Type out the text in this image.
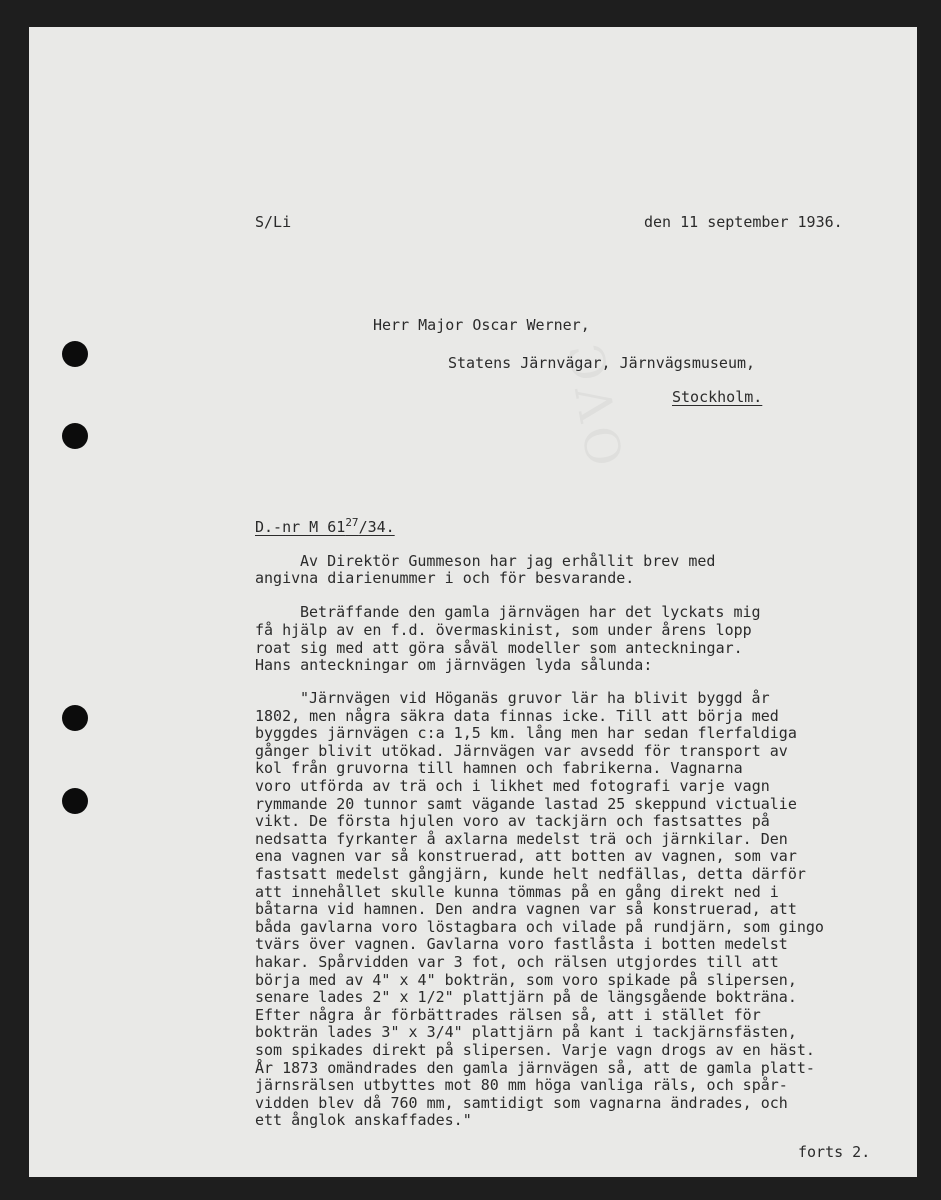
ƆΛO

S/Li	den 11 september 1936.

Herr Major Oscar Werner,

Statens Järnvägar, Järnvägsmuseum,

Stockholm.

D.-nr M $61^{27}/34$.

Av Direktör Gummeson har jag erhållit brev med

angivna diarienummer i och för besvarande.

Beträffande den gamla järnvägen har det lyckats mig

få hjälp av en f.d. övermaskinist, som under årens lopp

roat sig med att göra såväl modeller som anteckningar.

Hans anteckningar om järnvägen lyda sålunda:

"Järnvägen vid Höganäs gruvor lär ha blivit byggd år

1802, men några säkra data finnas icke. Till att börja med

byggdes järnvägen c:a 1,5 km. lång men har sedan flerfaldiga

gånger blivit utökad. Järnvägen var avsedd för transport av

kol från gruvorna till hamnen och fabrikerna. Vagnarna

voro utförda av trä och i likhet med fotografi varje vagn

rymmande 20 tunnor samt vägande lastad 25 skeppund victualie

vikt. De första hjulen voro av tackjärn och fastsattes på

nedsatta fyrkanter å axlarna medelst trä och järnkilar. Den

ena vagnen var så konstruerad, att botten av vagnen, som var

fastsatt medelst gångjärn, kunde helt nedfällas, detta därför

att innehållet skulle kunna tömmas på en gång direkt ned i

båtarna vid hamnen. Den andra vagnen var så konstruerad, att

båda gavlarna voro löstagbara och vilade på rundjärn, som gingo

tvärs över vagnen. Gavlarna voro fastlåsta i botten medelst

hakar. Spårvidden var 3 fot, och rälsen utgjordes till att

börja med av 4" x 4" bokträn, som voro spikade på slipersen,

senare lades 2" x 1/2" plattjärn på de längsgående bokträna.

Efter några år förbättrades rälsen så, att i stället för

bokträn lades 3" x 3/4" plattjärn på kant i tackjärnsfästen,

som spikades direkt på slipersen. Varje vagn drogs av en häst.

År 1873 omändrades den gamla järnvägen så, att de gamla platt-

järnsrälsen utbyttes mot 80 mm höga vanliga räls, och spår-

vidden blev då 760 mm, samtidigt som vagnarna ändrades, och

ett ånglok anskaffades."

forts 2.
